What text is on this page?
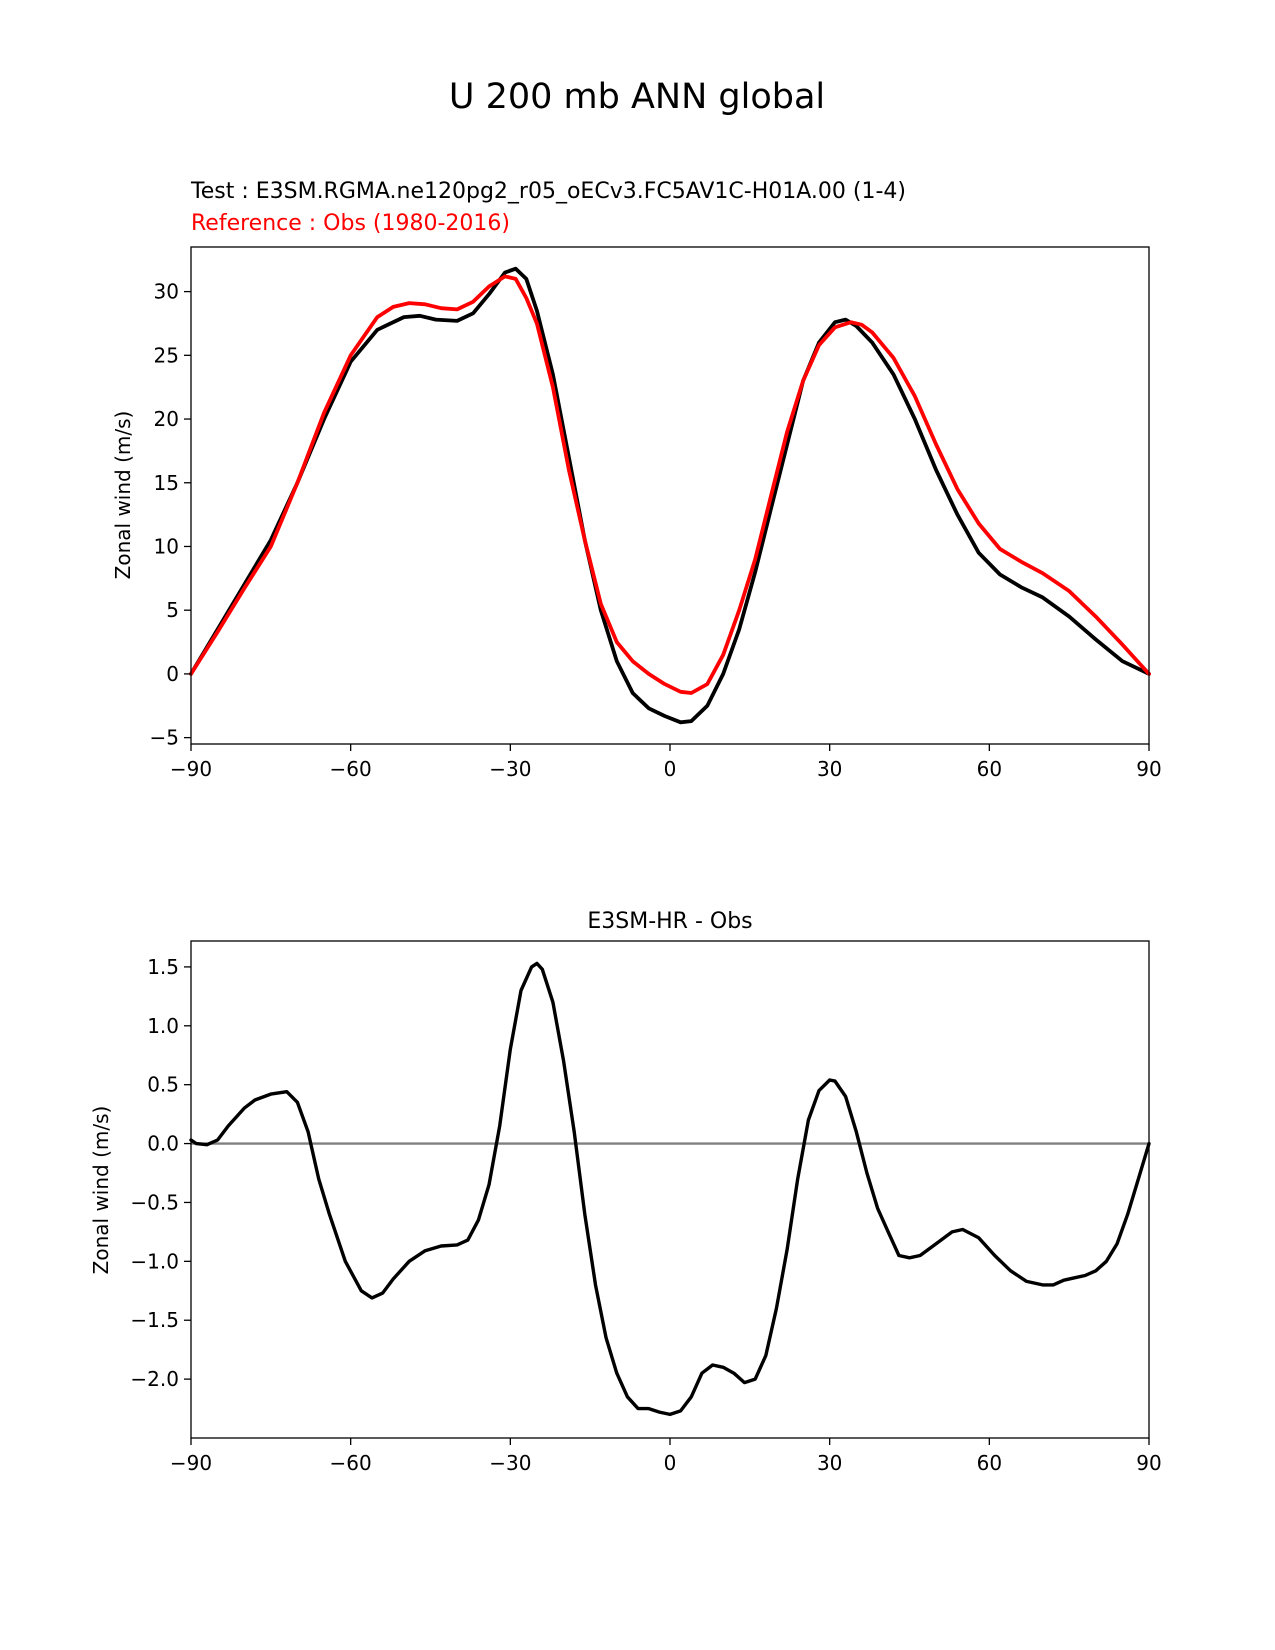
U 200 mb ANN global
Test : E3SM.RGMA.ne120pg2_r05_oECv3.FC5AV1C-H01A.00 (1-4)
Reference : Obs (1980-2016)
−90	−60	−30	0	30	60	90
−5
0
5
10
15
20
25
30
Zonal wind (m/s)
E3SM-HR - Obs
−90	−60	−30	0	30	60	90
−2.0
−1.5
−1.0
−0.5
0.0
0.5
1.0
1.5
Zonal wind (m/s)
